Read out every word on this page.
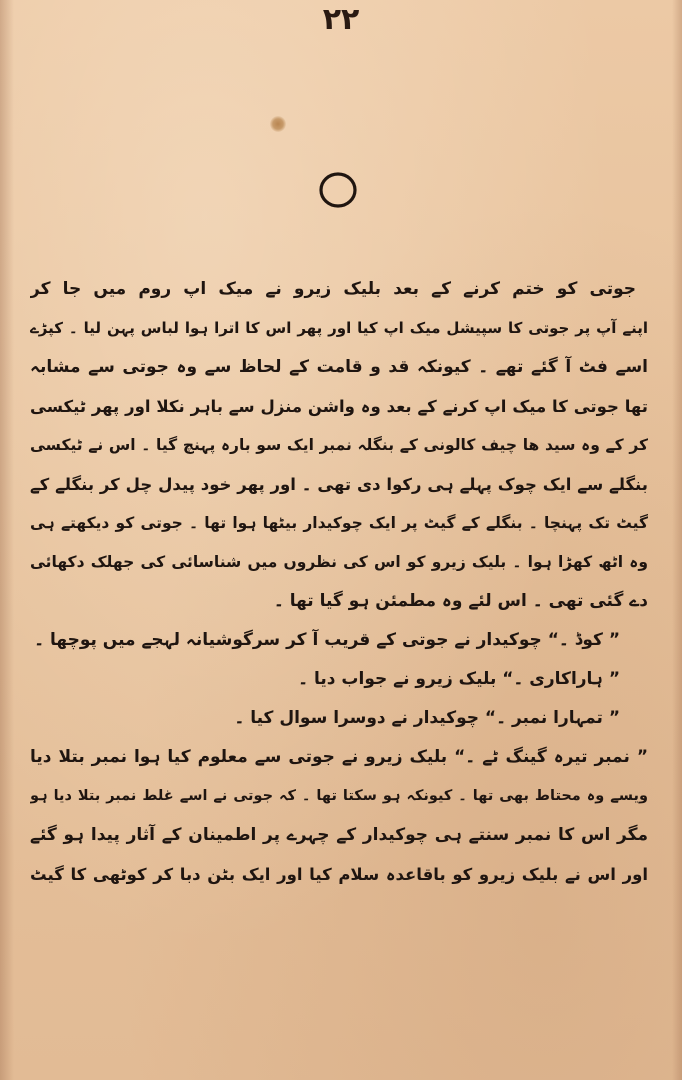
۲۲
جوتی کو ختم کرنے کے بعد بلیک زیرو نے میک اپ روم میں جا کر
اپنے آپ پر جوتی کا سپیشل میک اپ کیا اور پھر اس کا اترا ہوا لباس پہن لیا ۔ کپڑے
اسے فٹ آ گئے تھے ۔ کیونکہ قد و قامت کے لحاظ سے وہ جوتی سے مشابہ
تھا جوتی کا میک اپ کرنے کے بعد وہ واشن منزل سے باہر نکلا اور پھر ٹیکسی
کر کے وہ سید ھا چیف کالونی کے بنگلہ نمبر ایک سو بارہ پہنچ گیا ۔ اس نے ٹیکسی
بنگلے سے ایک چوک پہلے ہی رکوا دی تھی ۔ اور پھر خود پیدل چل کر بنگلے کے
گیٹ تک پہنچا ۔ بنگلے کے گیٹ پر ایک چوکیدار بیٹھا ہوا تھا ۔ جوتی کو دیکھتے ہی
وہ اٹھ کھڑا ہوا ۔ بلیک زیرو کو اس کی نظروں میں شناسائی کی جھلک دکھائی
دے گئی تھی ۔ اس لئے وہ مطمئن ہو گیا تھا ۔
” کوڈ ۔“ چوکیدار نے جوتی کے قریب آ کر سرگوشیانہ لہجے میں پوچھا ۔
” ہاراکاری ۔“ بلیک زیرو نے جواب دیا ۔
” تمہارا نمبر ۔“ چوکیدار نے دوسرا سوال کیا ۔
” نمبر تیرہ گینگ ٹے ۔“ بلیک زیرو نے جوتی سے معلوم کیا ہوا نمبر بتلا دیا
ویسے وہ محتاط بھی تھا ۔ کیونکہ ہو سکتا تھا ۔ کہ جوتی نے اسے غلط نمبر بتلا دیا ہو
مگر اس کا نمبر سنتے ہی چوکیدار کے چہرے پر اطمینان کے آثار پیدا ہو گئے
اور اس نے بلیک زیرو کو باقاعدہ سلام کیا اور ایک بٹن دبا کر کوٹھی کا گیٹ
